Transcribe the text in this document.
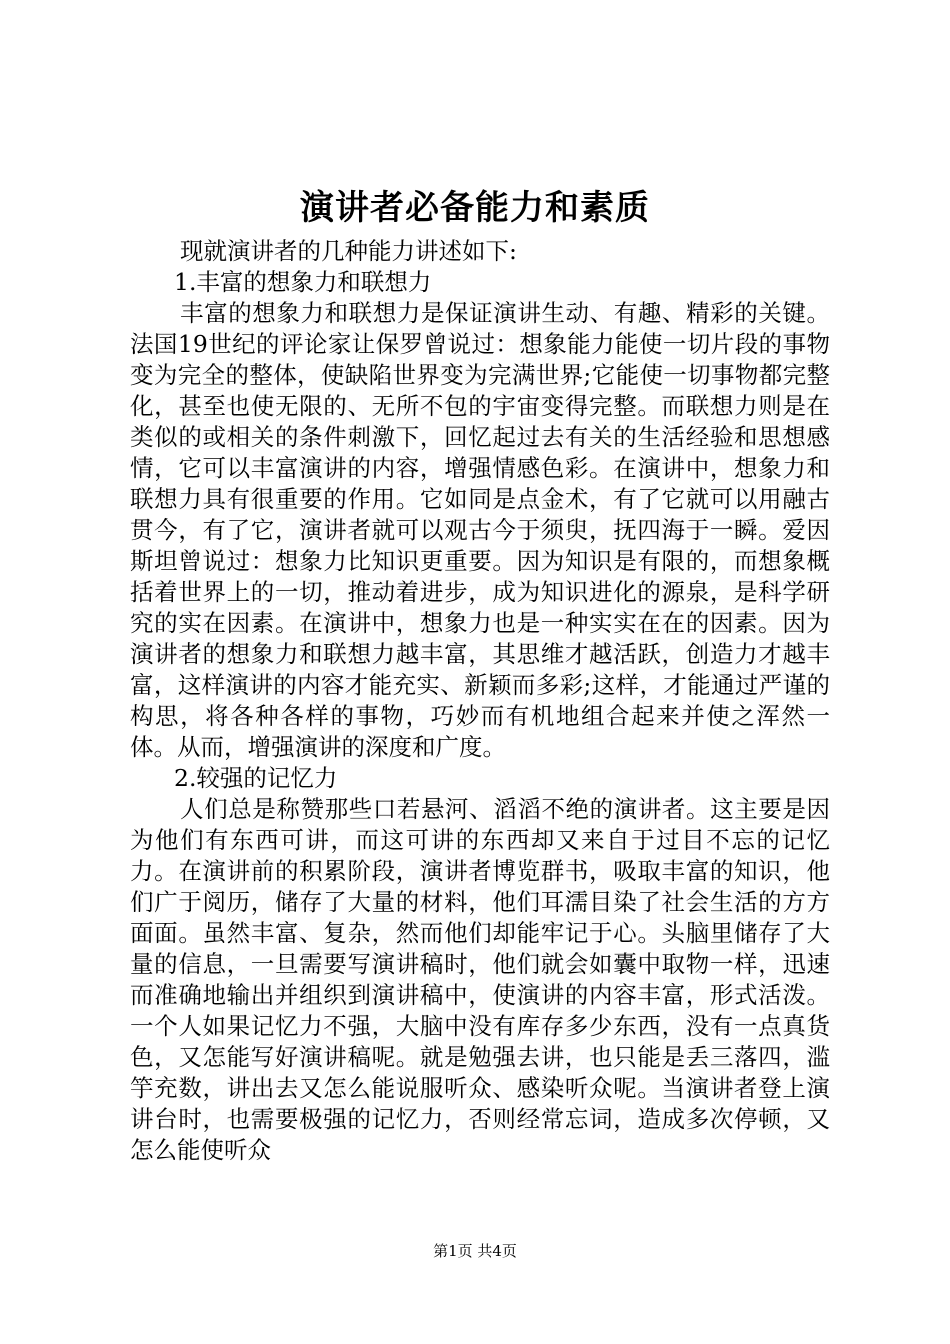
演讲者必备能力和素质

现就演讲者的几种能力讲述如下:

1.丰富的想象力和联想力

丰富的想象力和联想力是保证演讲生动、有趣、精彩的关键。法国19世纪的评论家让保罗曾说过：想象能力能使一切片段的事物变为完全的整体，使缺陷世界变为完满世界;它能使一切事物都完整化，甚至也使无限的、无所不包的宇宙变得完整。而联想力则是在类似的或相关的条件刺激下，回忆起过去有关的生活经验和思想感情，它可以丰富演讲的内容，增强情感色彩。在演讲中，想象力和联想力具有很重要的作用。它如同是点金术，有了它就可以用融古贯今，有了它，演讲者就可以观古今于须臾，抚四海于一瞬。爱因斯坦曾说过：想象力比知识更重要。因为知识是有限的，而想象概括着世界上的一切，推动着进步，成为知识进化的源泉，是科学研究的实在因素。在演讲中，想象力也是一种实实在在的因素。因为演讲者的想象力和联想力越丰富，其思维才越活跃，创造力才越丰富，这样演讲的内容才能充实、新颖而多彩;这样，才能通过严谨的构思，将各种各样的事物，巧妙而有机地组合起来并使之浑然一体。从而，增强演讲的深度和广度。

2.较强的记忆力

人们总是称赞那些口若悬河、滔滔不绝的演讲者。这主要是因为他们有东西可讲，而这可讲的东西却又来自于过目不忘的记忆力。在演讲前的积累阶段，演讲者博览群书，吸取丰富的知识，他们广于阅历，储存了大量的材料，他们耳濡目染了社会生活的方方面面。虽然丰富、复杂，然而他们却能牢记于心。头脑里储存了大量的信息，一旦需要写演讲稿时，他们就会如囊中取物一样，迅速而准确地输出并组织到演讲稿中，使演讲的内容丰富，形式活泼。一个人如果记忆力不强，大脑中没有库存多少东西，没有一点真货色，又怎能写好演讲稿呢。就是勉强去讲，也只能是丢三落四，滥竽充数，讲出去又怎么能说服听众、感染听众呢。当演讲者登上演讲台时，也需要极强的记忆力，否则经常忘词，造成多次停顿，又怎么能使听众

第1页 共4页
